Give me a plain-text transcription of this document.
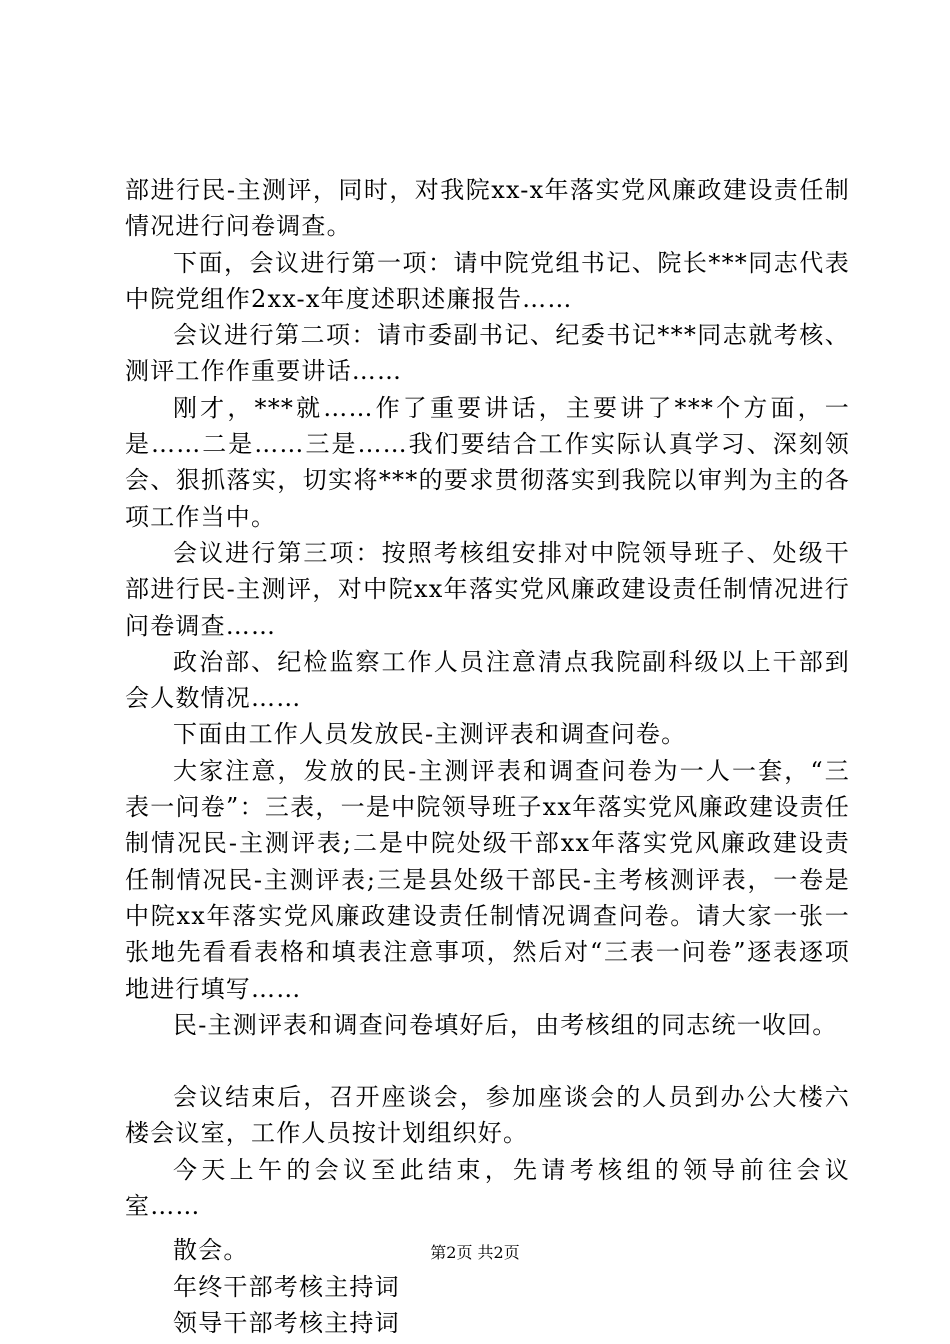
部进行民-主测评，同时，对我院xx-x年落实党风廉政建设责任制情况进行问卷调查。

下面，会议进行第一项：请中院党组书记、院长***同志代表中院党组作2xx-x年度述职述廉报告……

会议进行第二项：请市委副书记、纪委书记***同志就考核、测评工作作重要讲话……

刚才，***就……作了重要讲话，主要讲了***个方面，一是……二是……三是……我们要结合工作实际认真学习、深刻领会、狠抓落实，切实将***的要求贯彻落实到我院以审判为主的各项工作当中。

会议进行第三项：按照考核组安排对中院领导班子、处级干部进行民-主测评，对中院xx年落实党风廉政建设责任制情况进行问卷调查……

政治部、纪检监察工作人员注意清点我院副科级以上干部到会人数情况……

下面由工作人员发放民-主测评表和调查问卷。

大家注意，发放的民-主测评表和调查问卷为一人一套，“三表一问卷”：三表，一是中院领导班子xx年落实党风廉政建设责任制情况民-主测评表;二是中院处级干部xx年落实党风廉政建设责任制情况民-主测评表;三是县处级干部民-主考核测评表，一卷是中院xx年落实党风廉政建设责任制情况调查问卷。请大家一张一张地先看看表格和填表注意事项，然后对“三表一问卷”逐表逐项地进行填写……

民-主测评表和调查问卷填好后，由考核组的同志统一收回。

会议结束后，召开座谈会，参加座谈会的人员到办公大楼六楼会议室，工作人员按计划组织好。

今天上午的会议至此结束，先请考核组的领导前往会议室……

散会。

年终干部考核主持词

领导干部考核主持词

第2页 共2页
